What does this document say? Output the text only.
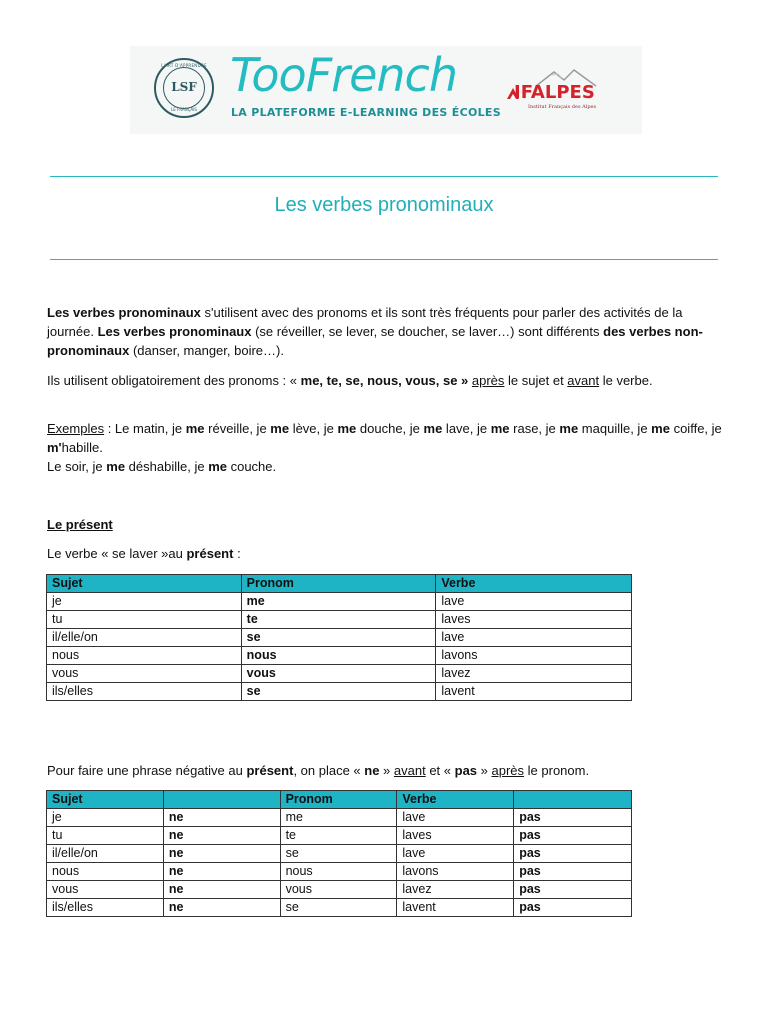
L'ART D'APPRENDRE
LSF
LE FRANÇAIS
TooFrench
LA PLATEFORME E-LEARNING DES ÉCOLES
IFALPES
Institut Français des Alpes
Les verbes pronominaux
Les verbes pronominaux s'utilisent avec des pronoms et ils sont très fréquents pour parler des activités de la journée. Les verbes pronominaux (se réveiller, se lever, se doucher, se laver…) sont différents des verbes non-pronominaux (danser, manger, boire…).
Ils utilisent obligatoirement des pronoms : « me, te, se, nous, vous, se » après le sujet et avant le verbe.
Exemples : Le matin, je me réveille, je me lève, je me douche, je me lave, je me rase, je me maquille, je me coiffe, je m'habille.
Le soir, je me déshabille, je me couche.
Le présent
Le verbe « se laver »au présent :
Sujet	Pronom	Verbe
je	me	lave
tu	te	laves
il/elle/on	se	lave
nous	nous	lavons
vous	vous	lavez
ils/elles	se	lavent
Pour faire une phrase négative au présent, on place « ne » avant et « pas » après le pronom.
Sujet		Pronom	Verbe	
je	ne	me	lave	pas
tu	ne	te	laves	pas
il/elle/on	ne	se	lave	pas
nous	ne	nous	lavons	pas
vous	ne	vous	lavez	pas
ils/elles	ne	se	lavent	pas
